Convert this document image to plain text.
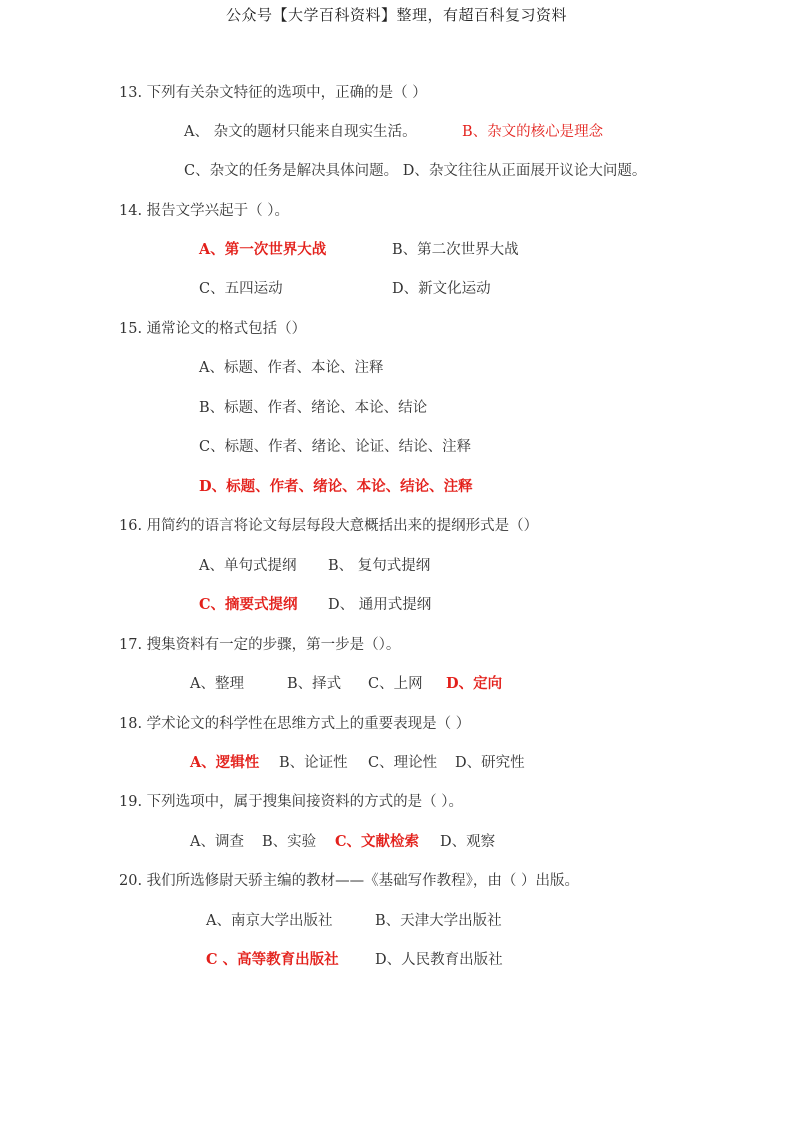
公众号【大学百科资料】整理，有超百科复习资料
13. 下列有关杂文特征的选项中，正确的是（ ）
A、 杂文的题材只能来自现实生活。	B、杂文的核心是理念
C、杂文的任务是解决具体问题。 D、杂文往往从正面展开议论大问题。
14. 报告文学兴起于（ ）。
A、第一次世界大战	B、第二次世界大战
C、五四运动	D、新文化运动
15. 通常论文的格式包括（）
A、标题、作者、本论、注释
B、标题、作者、绪论、本论、结论
C、标题、作者、绪论、论证、结论、注释
D、标题、作者、绪论、本论、结论、注释
16. 用简约的语言将论文每层每段大意概括出来的提纲形式是（）
A、单句式提纲 B、 复句式提纲
C、摘要式提纲 D、 通用式提纲
17. 搜集资料有一定的步骤，第一步是（）。
A、整理	B、择式 C、上网 D、定向
18. 学术论文的科学性在思维方式上的重要表现是（ ）
A、逻辑性 B、论证性 C、理论性 D、研究性
19. 下列选项中，属于搜集间接资料的方式的是（ ）。
A、调查 B、实验 C、文献检索 D、观察
20. 我们所选修尉天骄主编的教材——《基础写作教程》，由（ ）出版。
A、南京大学出版社	B、天津大学出版社
C 、高等教育出版社	D、人民教育出版社
